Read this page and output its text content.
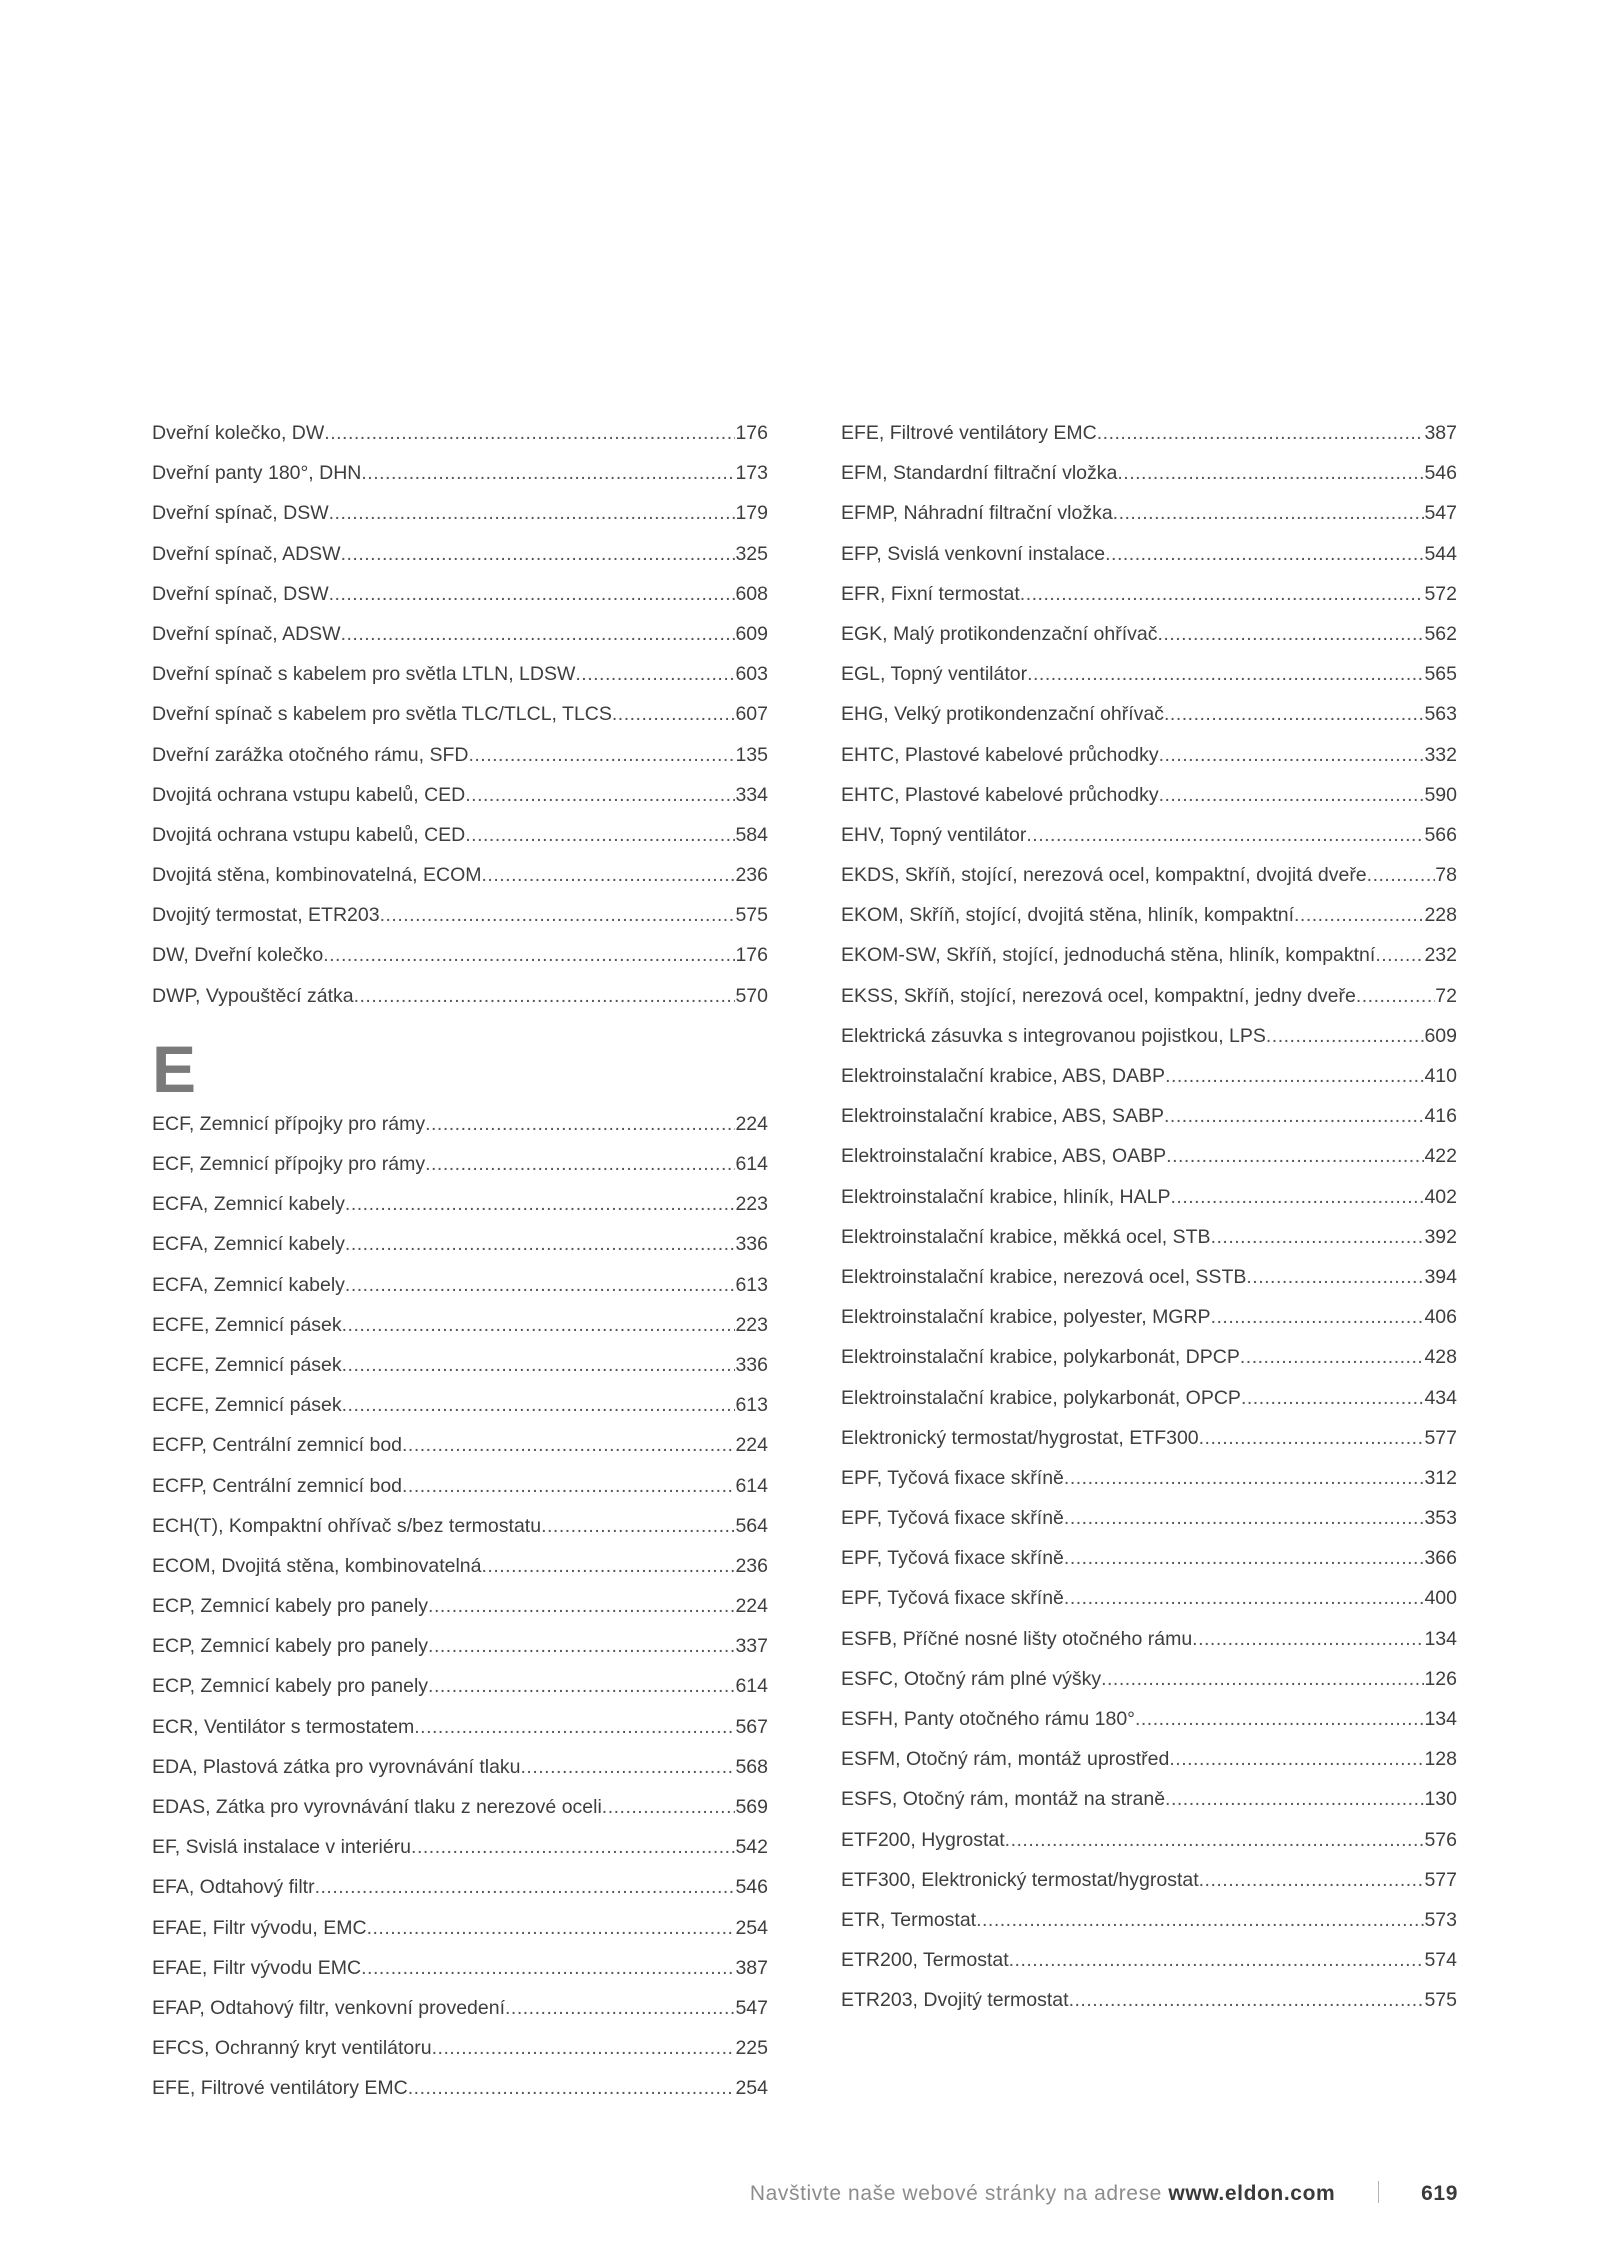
Dveřní kolečko, DW .....	176
Dveřní panty 180°, DHN .....	173
Dveřní spínač, DSW .....	179
Dveřní spínač, ADSW .....	325
Dveřní spínač, DSW .....	608
Dveřní spínač, ADSW .....	609
Dveřní spínač s kabelem pro světla LTLN, LDSW .....	603
Dveřní spínač s kabelem pro světla TLC/TLCL, TLCS .....	607
Dveřní zarážka otočného rámu, SFD .....	135
Dvojitá ochrana vstupu kabelů, CED .....	334
Dvojitá ochrana vstupu kabelů, CED .....	584
Dvojitá stěna, kombinovatelná, ECOM .....	236
Dvojitý termostat, ETR203 .....	575
DW, Dveřní kolečko .....	176
DWP, Vypouštěcí zátka .....	570
E
ECF, Zemnicí přípojky pro rámy .....	224
ECF, Zemnicí přípojky pro rámy .....	614
ECFA, Zemnicí kabely .....	223
ECFA, Zemnicí kabely .....	336
ECFA, Zemnicí kabely .....	613
ECFE, Zemnicí pásek .....	223
ECFE, Zemnicí pásek .....	336
ECFE, Zemnicí pásek .....	613
ECFP, Centrální zemnicí bod .....	224
ECFP, Centrální zemnicí bod .....	614
ECH(T), Kompaktní ohřívač s/bez termostatu .....	564
ECOM, Dvojitá stěna, kombinovatelná .....	236
ECP, Zemnicí kabely pro panely .....	224
ECP, Zemnicí kabely pro panely .....	337
ECP, Zemnicí kabely pro panely .....	614
ECR, Ventilátor s termostatem .....	567
EDA, Plastová zátka pro vyrovnávání tlaku .....	568
EDAS, Zátka pro vyrovnávání tlaku z nerezové oceli .....	569
EF, Svislá instalace v interiéru .....	542
EFA, Odtahový filtr .....	546
EFAE, Filtr vývodu, EMC .....	254
EFAE, Filtr vývodu EMC .....	387
EFAP, Odtahový filtr, venkovní provedení .....	547
EFCS, Ochranný kryt ventilátoru .....	225
EFE, Filtrové ventilátory EMC .....	254
EFE, Filtrové ventilátory EMC .....	387
EFM, Standardní filtrační vložka .....	546
EFMP, Náhradní filtrační vložka .....	547
EFP, Svislá venkovní instalace .....	544
EFR, Fixní termostat .....	572
EGK, Malý protikondenzační ohřívač .....	562
EGL, Topný ventilátor .....	565
EHG, Velký protikondenzační ohřívač .....	563
EHTC, Plastové kabelové průchodky .....	332
EHTC, Plastové kabelové průchodky .....	590
EHV, Topný ventilátor .....	566
EKDS, Skříň, stojící, nerezová ocel, kompaktní, dvojitá dveře .....	78
EKOM, Skříň, stojící, dvojitá stěna, hliník, kompaktní .....	228
EKOM-SW, Skříň, stojící, jednoduchá stěna, hliník, kompaktní .....	232
EKSS, Skříň, stojící, nerezová ocel, kompaktní, jedny dveře .....	72
Elektrická zásuvka s integrovanou pojistkou, LPS .....	609
Elektroinstalační krabice, ABS, DABP .....	410
Elektroinstalační krabice, ABS, SABP .....	416
Elektroinstalační krabice, ABS, OABP .....	422
Elektroinstalační krabice, hliník, HALP .....	402
Elektroinstalační krabice, měkká ocel, STB .....	392
Elektroinstalační krabice, nerezová ocel, SSTB .....	394
Elektroinstalační krabice, polyester, MGRP .....	406
Elektroinstalační krabice, polykarbonát, DPCP .....	428
Elektroinstalační krabice, polykarbonát, OPCP .....	434
Elektronický termostat/hygrostat, ETF300 .....	577
EPF, Tyčová fixace skříně .....	312
EPF, Tyčová fixace skříně .....	353
EPF, Tyčová fixace skříně .....	366
EPF, Tyčová fixace skříně .....	400
ESFB, Příčné nosné lišty otočného rámu .....	134
ESFC, Otočný rám plné výšky .....	126
ESFH, Panty otočného rámu 180° .....	134
ESFM, Otočný rám, montáž uprostřed .....	128
ESFS, Otočný rám, montáž na straně .....	130
ETF200, Hygrostat .....	576
ETF300, Elektronický termostat/hygrostat .....	577
ETR, Termostat .....	573
ETR200, Termostat .....	574
ETR203, Dvojitý termostat .....	575
Navštivte naše webové stránky na adrese www.eldon.com	619
